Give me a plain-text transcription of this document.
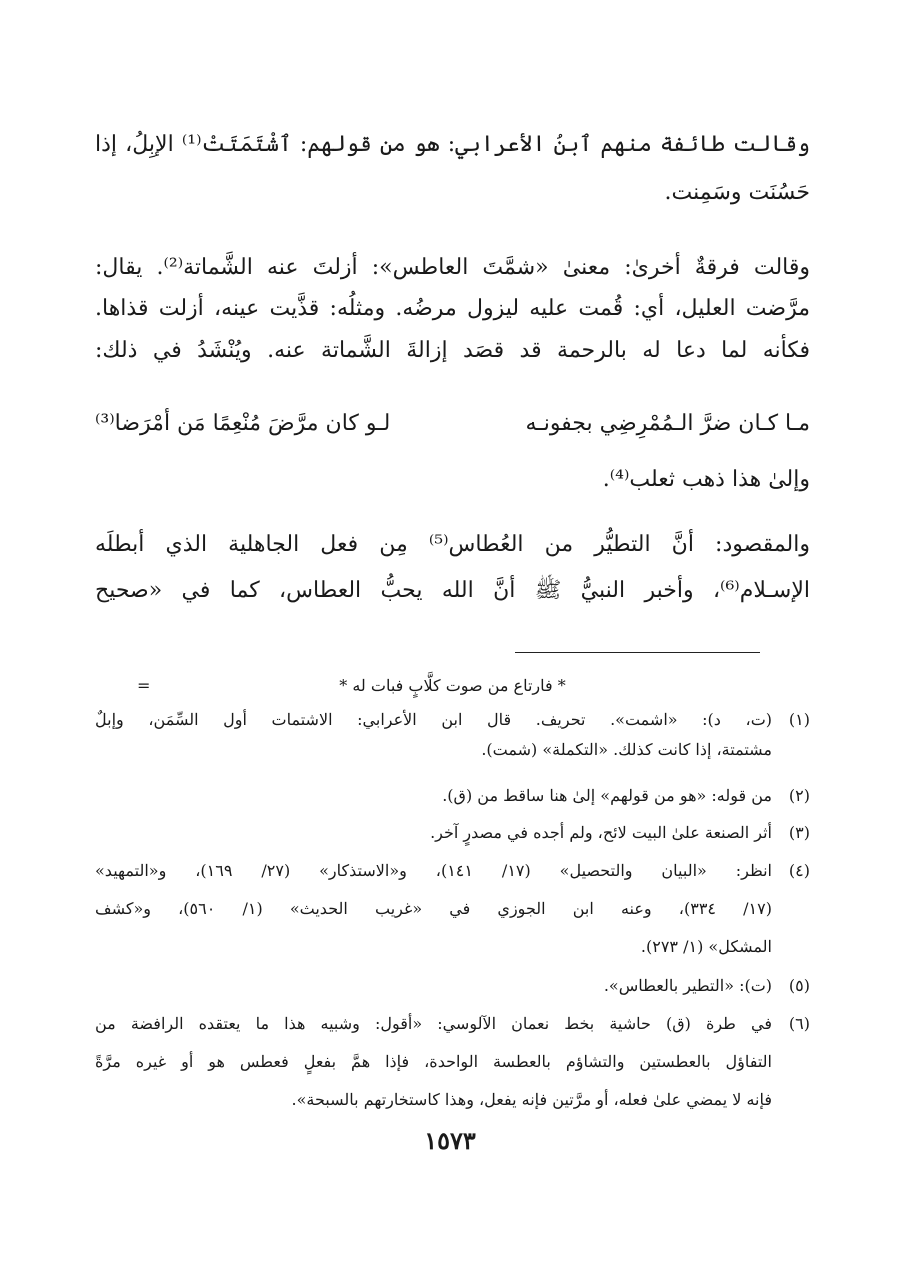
وقالت طائفة منهم ٱبنُ الأعرابي: هو من قولهم: ٱشْتَمَتَتْ⁽¹⁾ الإبِلُ، إذا
حَسُنَت وسَمِنت.
وقالت فرقةٌ أخرىٰ: معنىٰ «شمَّتَ العاطس»: أزلتَ عنه الشَّماتة⁽²⁾. يقال:
مرَّضت العليل، أي: قُمت عليه ليزول مرضُه. ومثلُه: قذَّيت عينه، أزلت قذاها.
فكأنه لما دعا له بالرحمة قد قصَد إزالةَ الشَّماتة عنه. ويُنْشَدُ في ذلك:
مـا كـان ضرَّ الـمُمْرِضِي بجفونـه
لـو كان مرَّضَ مُنْعِمًا مَن أمْرَضا⁽³⁾
وإلىٰ هذا ذهب ثعلب⁽⁴⁾.
والمقصود: أنَّ التطيُّر من العُطاس⁽⁵⁾ مِن فعل الجاهلية الذي أبطلَه
الإسـلام⁽⁶⁾، وأخبر النبيُّ ﷺ أنَّ الله يحبُّ العطاس، كما في «صحيح
=	* فارتاع من صوت كلَّابٍ فبات له *
(١)
(ت، د): «اشمت». تحريف. قال ابن الأعرابي: الاشتمات أول السِّمَن، وإبلٌ
مشتمتة، إذا كانت كذلك. «التكملة» (شمت).
(٢)
من قوله: «هو من قولهم» إلىٰ هنا ساقط من (ق).
(٣)
أثر الصنعة علىٰ البيت لائح، ولم أجده في مصدرٍ آخر.
(٤)
انظر: «البيان والتحصيل» (١٧/ ١٤١)، و«الاستذكار» (٢٧/ ١٦٩)، و«التمهيد»
(١٧/ ٣٣٤)، وعنه ابن الجوزي في «غريب الحديث» (١/ ٥٦٠)، و«كشف
المشكل» (١/ ٢٧٣).
(٥)
(ت): «التطير بالعطاس».
(٦)
في طرة (ق) حاشية بخط نعمان الآلوسي: «أقول: وشبيه هذا ما يعتقده الرافضة من
التفاؤل بالعطستين والتشاؤم بالعطسة الواحدة، فإذا همَّ بفعلٍ فعطس هو أو غيره مرَّةً
فإنه لا يمضي علىٰ فعله، أو مرَّتين فإنه يفعل، وهذا كاستخارتهم بالسبحة».
١٥٧٣
